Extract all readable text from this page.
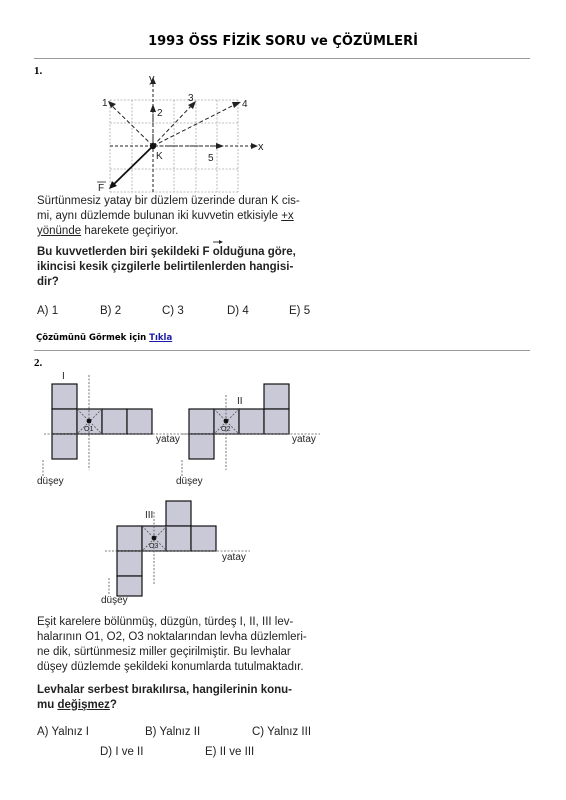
1993 ÖSS FİZİK SORU ve ÇÖZÜMLERİ
1.
y
x
1
2
3
4
5
K
F
Sürtünmesiz yatay bir düzlem üzerinde duran K cis-
mi, aynı düzlemde bulunan iki kuvvetin etkisiyle +x
yönünde harekete geçiriyor.
Bu kuvvetlerden biri şekildeki F olduğuna göre,
ikincisi kesik çizgilerle belirtilenlerden hangisi-
dir?
A) 1	B) 2	C) 3	D) 4	E) 5
Çözümünü Görmek için Tıkla
2.
I
O1
yatay
düşey
II
O2
yatay
düşey
III
O3
yatay
düşey
Eşit karelere bölünmüş, düzgün, türdeş I, II, III lev-
halarının O1, O2, O3 noktalarından levha düzlemleri-
ne dik, sürtünmesiz miller geçirilmiştir. Bu levhalar
düşey düzlemde şekildeki konumlarda tutulmaktadır.
Levhalar serbest bırakılırsa, hangilerinin konu-
mu değişmez?
A) Yalnız I	B) Yalnız II	C) Yalnız III
D) I ve II	E) II ve III
